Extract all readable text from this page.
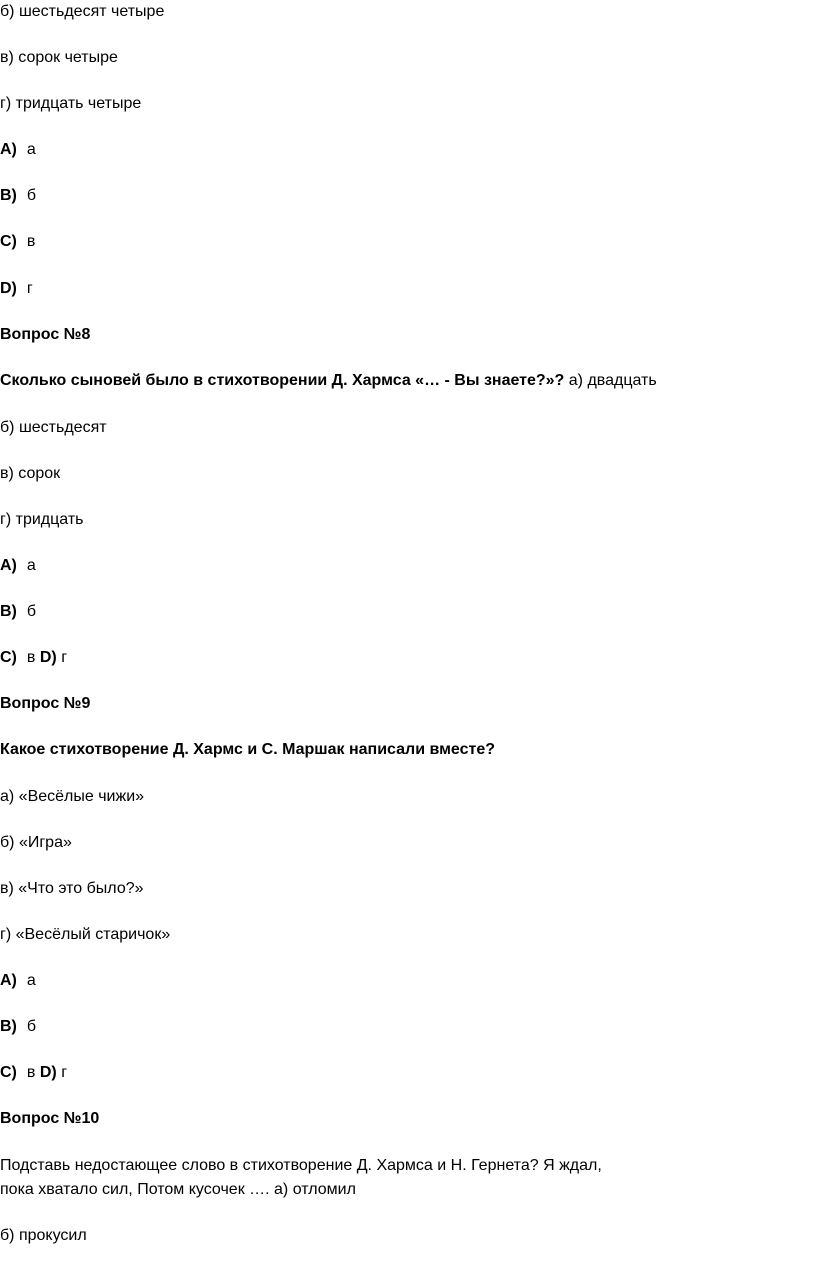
б) шестьдесят четыре
в) сорок четыре
г) тридцать четыре
A) а
B) б
C) в
D) г
Вопрос №8
Сколько сыновей было в стихотворении Д. Хармса «… - Вы знаете?»? а) двадцать
б) шестьдесят
в) сорок
г) тридцать
A) а
B) б
C) в D) г
Вопрос №9
Какое стихотворение Д. Хармс и С. Маршак написали вместе?
а) «Весёлые чижи»
б) «Игра»
в) «Что это было?»
г) «Весёлый старичок»
A) а
B) б
C) в D) г
Вопрос №10
Подставь недостающее слово в стихотворение Д. Хармса и Н. Гернета? Я ждал,
пока хватало сил, Потом кусочек …. а) отломил
б) прокусил
